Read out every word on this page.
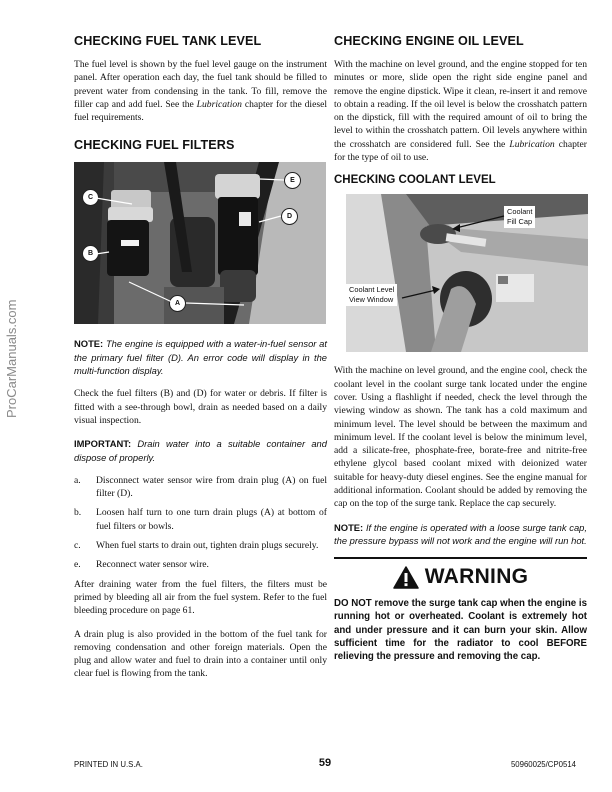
ProCarManuals.com
CHECKING FUEL TANK LEVEL

The fuel level is shown by the fuel level gauge on the instrument panel. After operation each day, the fuel tank should be filled to prevent water from condensing in the tank. To fill, remove the filler cap and add fuel. See the Lubrication chapter for the diesel fuel requirements.

CHECKING FUEL FILTERS
C
B
A
D
E

NOTE: The engine is equipped with a water-in-fuel sensor at the primary fuel filter (D). An error code will display in the multi-function display.

Check the fuel filters (B) and (D) for water or debris. If filter is fitted with a see-through bowl, drain as needed based on a daily visual inspection.

IMPORTANT: Drain water into a suitable container and dispose of properly.

a.	Disconnect water sensor wire from drain plug (A) on fuel filter (D).
b.	Loosen half turn to one turn drain plugs (A) at bottom of fuel filters or bowls.
c.	When fuel starts to drain out, tighten drain plugs securely.
e.	Reconnect water sensor wire.

After draining water from the fuel filters, the filters must be primed by bleeding all air from the fuel system. Refer to the fuel bleeding procedure on page 61.

A drain plug is also provided in the bottom of the fuel tank for removing condensation and other foreign materials. Open the plug and allow water and fuel to drain into a container until only clear fuel is flowing from the tank.

CHECKING ENGINE OIL LEVEL

With the machine on level ground, and the engine stopped for ten minutes or more, slide open the right side engine panel and remove the engine dipstick. Wipe it clean, re-insert it and remove to obtain a reading. If the oil level is below the crosshatch pattern on the dipstick, fill with the required amount of oil to bring the level to within the crosshatch pattern. Oil levels anywhere within the crosshatch are considered full. See the Lubrication chapter for the type of oil to use.

CHECKING COOLANT LEVEL
Coolant
Fill Cap
Coolant Level
View Window

With the machine on level ground, and the engine cool, check the coolant level in the coolant surge tank located under the engine cover. Using a flashlight if needed, check the level through the viewing window as shown. The tank has a cold maximum and minimum level. The level should be between the maximum and minimum level. If the coolant level is below the minimum level, add a silicate-free, phosphate-free, borate-free and nitrite-free ethylene glycol based coolant mixed with deionized water suitable for heavy-duty diesel engines. See the engine manual for additional information. Coolant should be added by removing the cap on the top of the surge tank. Replace the cap securely.

NOTE: If the engine is operated with a loose surge tank cap, the pressure bypass will not work and the engine will run hot.

WARNING

DO NOT remove the surge tank cap when the engine is running hot or overheated. Coolant is extremely hot and under pressure and it can burn your skin. Allow sufficient time for the radiator to cool BEFORE relieving the pressure and removing the cap.

PRINTED IN U.S.A.	59	50960025/CP0514
